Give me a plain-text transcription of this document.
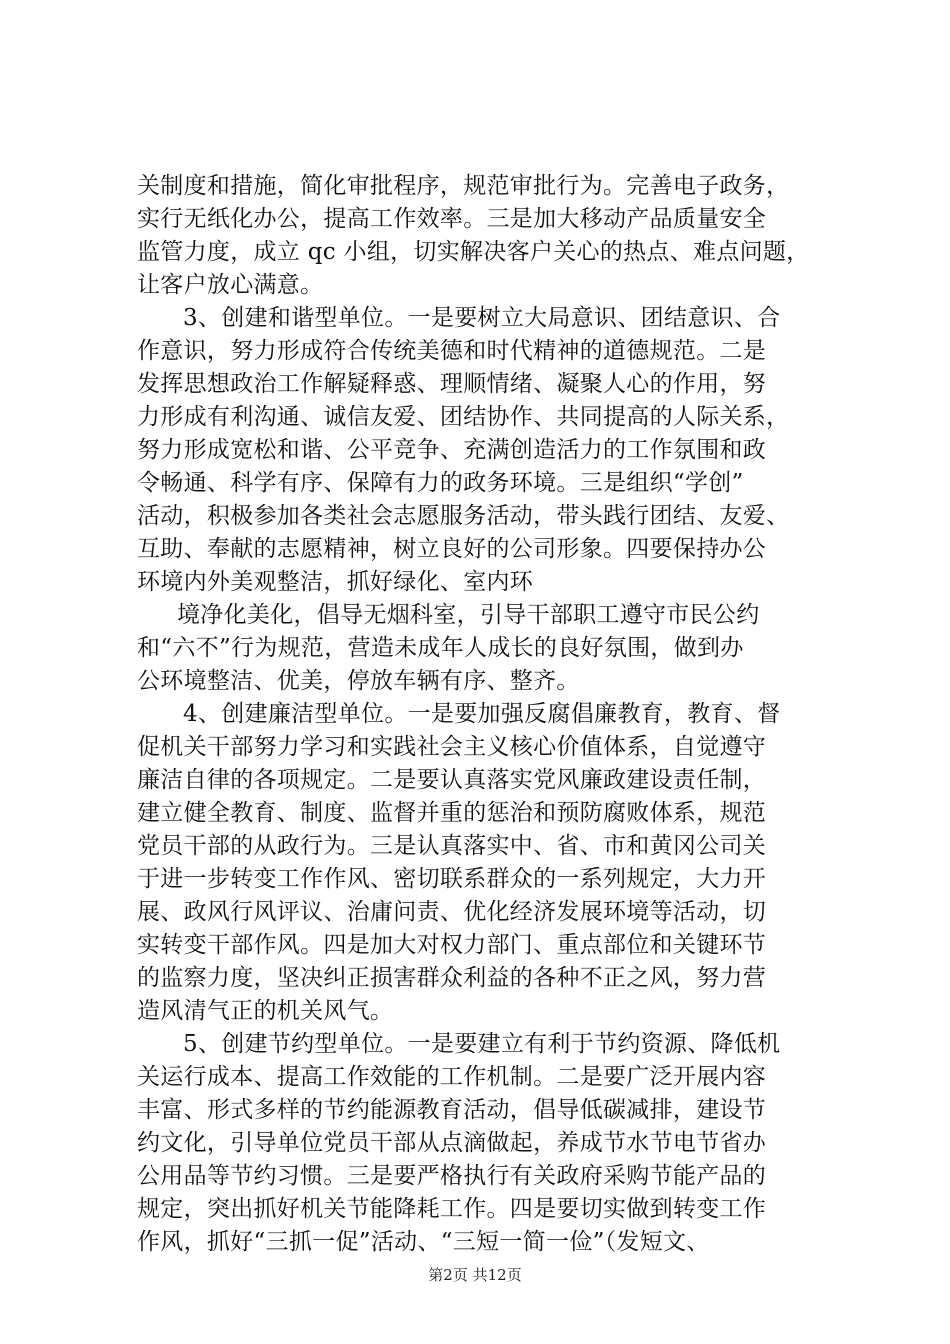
关制度和措施，简化审批程序，规范审批行为。完善电子政务，
实行无纸化办公，提高工作效率。三是加大移动产品质量安全
监管力度，成立 qc 小组，切实解决客户关心的热点、难点问题，
让客户放心满意。
3、创建和谐型单位。一是要树立大局意识、团结意识、合
作意识，努力形成符合传统美德和时代精神的道德规范。二是
发挥思想政治工作解疑释惑、理顺情绪、凝聚人心的作用，努
力形成有利沟通、诚信友爱、团结协作、共同提高的人际关系，
努力形成宽松和谐、公平竞争、充满创造活力的工作氛围和政
令畅通、科学有序、保障有力的政务环境。三是组织“学创”
活动，积极参加各类社会志愿服务活动，带头践行团结、友爱、
互助、奉献的志愿精神，树立良好的公司形象。四要保持办公
环境内外美观整洁，抓好绿化、室内环
境净化美化，倡导无烟科室，引导干部职工遵守市民公约
和“六不”行为规范，营造未成年人成长的良好氛围，做到办
公环境整洁、优美，停放车辆有序、整齐。
4、创建廉洁型单位。一是要加强反腐倡廉教育，教育、督
促机关干部努力学习和实践社会主义核心价值体系，自觉遵守
廉洁自律的各项规定。二是要认真落实党风廉政建设责任制，
建立健全教育、制度、监督并重的惩治和预防腐败体系，规范
党员干部的从政行为。三是认真落实中、省、市和黄冈公司关
于进一步转变工作作风、密切联系群众的一系列规定，大力开
展、政风行风评议、治庸问责、优化经济发展环境等活动，切
实转变干部作风。四是加大对权力部门、重点部位和关键环节
的监察力度，坚决纠正损害群众利益的各种不正之风，努力营
造风清气正的机关风气。
5、创建节约型单位。一是要建立有利于节约资源、降低机
关运行成本、提高工作效能的工作机制。二是要广泛开展内容
丰富、形式多样的节约能源教育活动，倡导低碳减排，建设节
约文化，引导单位党员干部从点滴做起，养成节水节电节省办
公用品等节约习惯。三是要严格执行有关政府采购节能产品的
规定，突出抓好机关节能降耗工作。四是要切实做到转变工作
作风，抓好“三抓一促”活动、“三短一简一俭”（发短文、
第2页 共12页
